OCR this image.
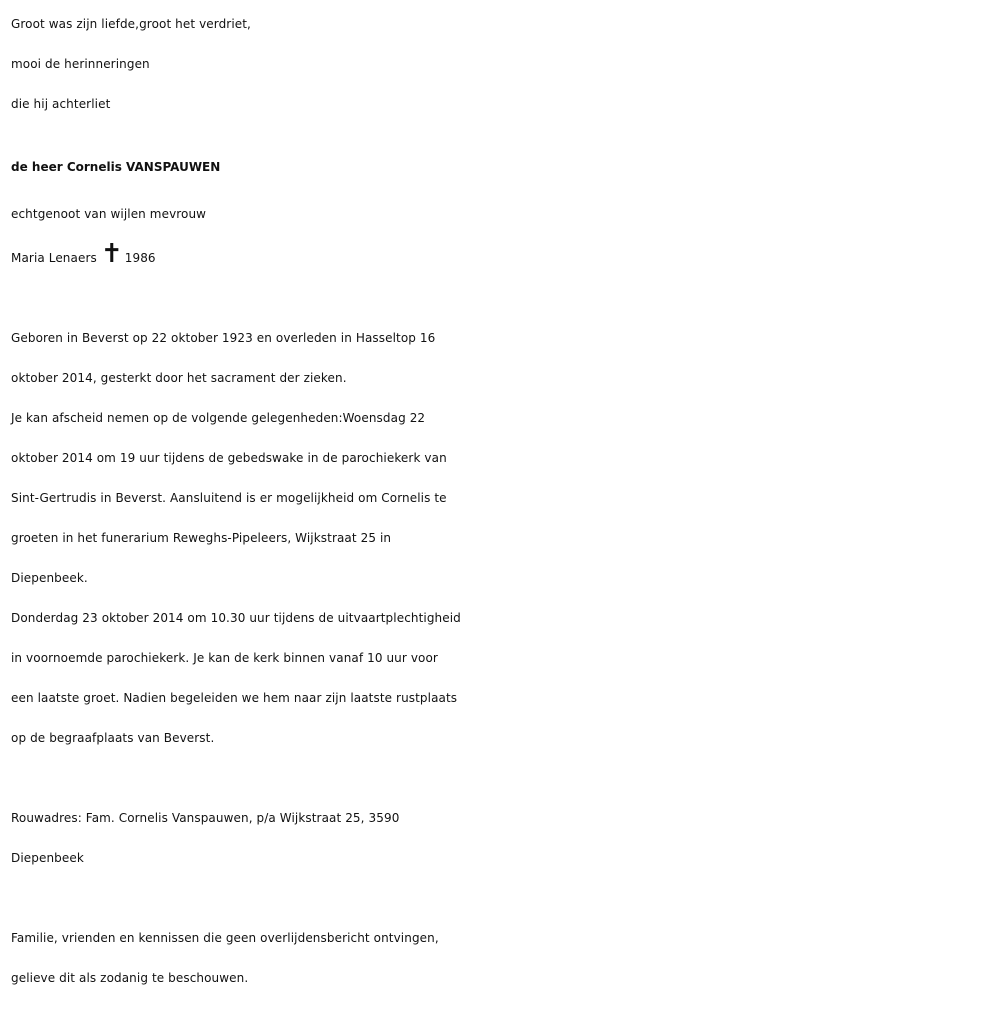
Groot was zijn liefde,groot het verdriet,
mooi de herinneringen
die hij achterliet
de heer Cornelis VANSPAUWEN
echtgenoot van wijlen mevrouw
Maria Lenaers ✝ 1986
Geboren in Beverst op 22 oktober 1923 en overleden in Hasseltop 16
oktober 2014, gesterkt door het sacrament der zieken.
Je kan afscheid nemen op de volgende gelegenheden:Woensdag 22
oktober 2014 om 19 uur tijdens de gebedswake in de parochiekerk van
Sint-Gertrudis in Beverst. Aansluitend is er mogelijkheid om Cornelis te
groeten in het funerarium Reweghs-Pipeleers, Wijkstraat 25 in
Diepenbeek.
Donderdag 23 oktober 2014 om 10.30 uur tijdens de uitvaartplechtigheid
in voornoemde parochiekerk. Je kan de kerk binnen vanaf 10 uur voor
een laatste groet. Nadien begeleiden we hem naar zijn laatste rustplaats
op de begraafplaats van Beverst.
Rouwadres: Fam. Cornelis Vanspauwen, p/a Wijkstraat 25, 3590
Diepenbeek
Familie, vrienden en kennissen die geen overlijdensbericht ontvingen,
gelieve dit als zodanig te beschouwen.
